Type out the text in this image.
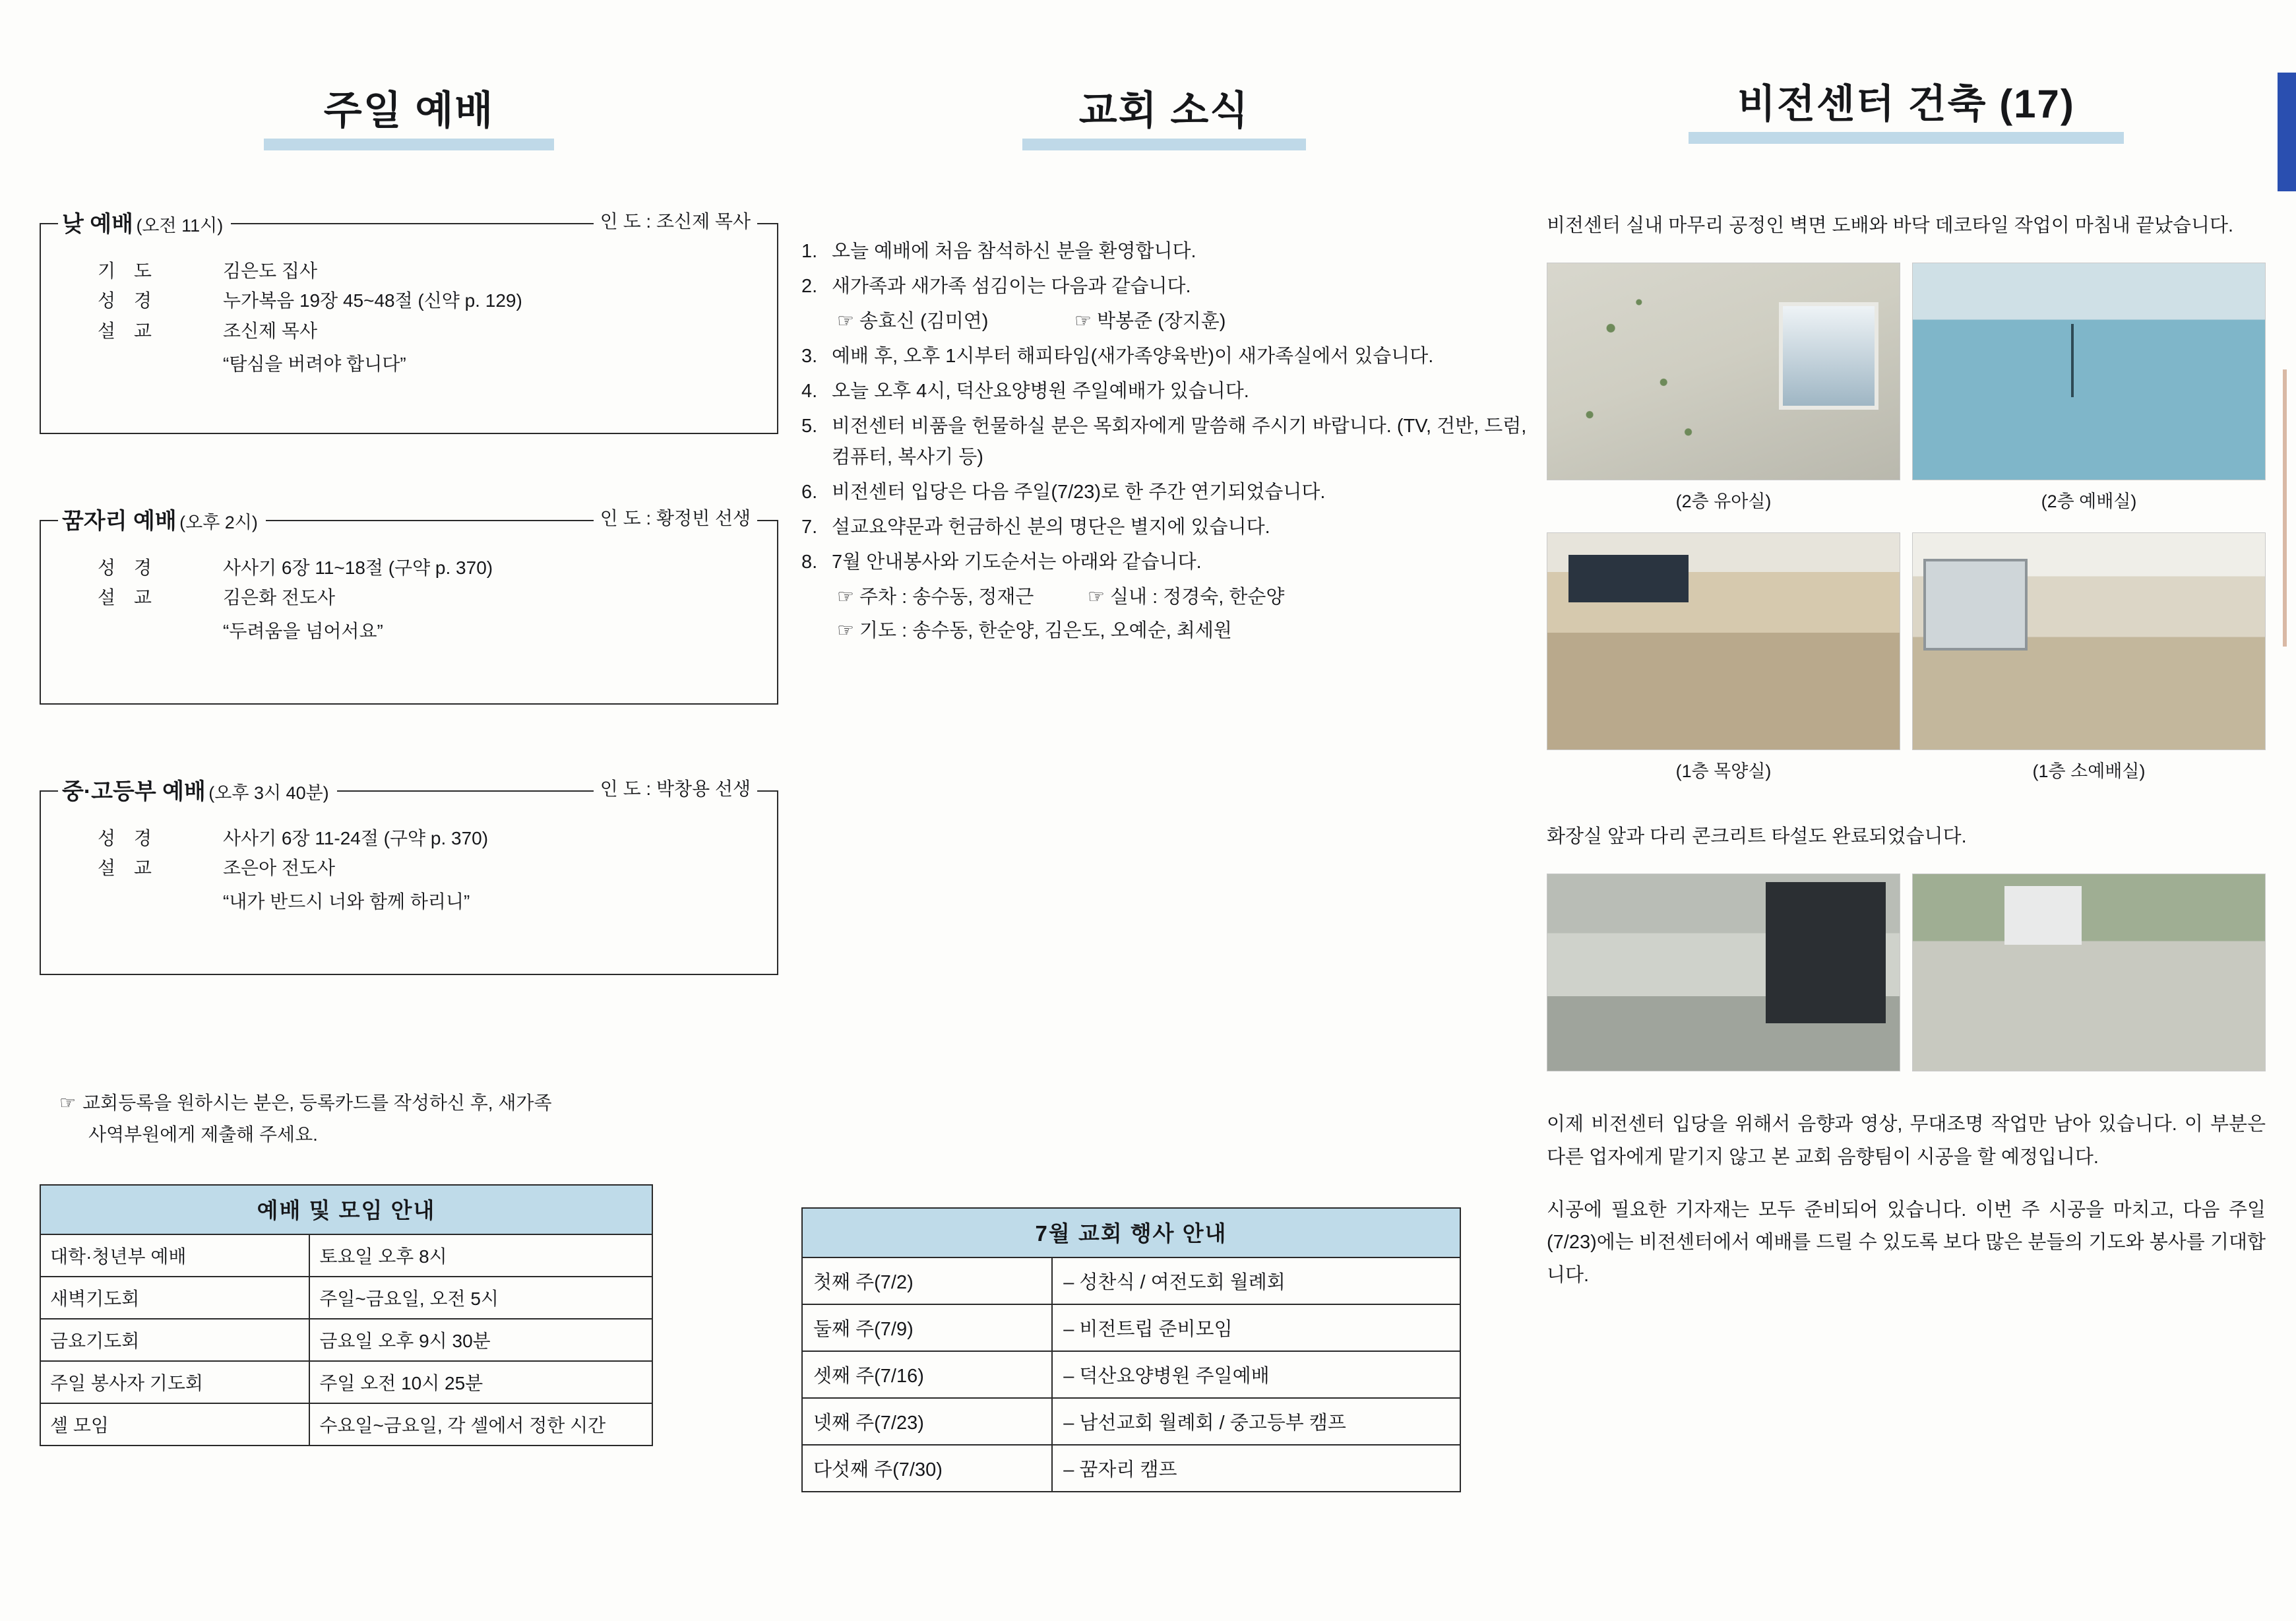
주일 예배
낮 예배 (오전 11시)	인 도 : 조신제 목사
기 도	김은도 집사
성 경	누가복음 19장 45~48절 (신약 p. 129)
설 교	조신제 목사
“탐심을 버려야 합니다”
꿈자리 예배 (오후 2시)	인 도 : 황정빈 선생
성 경	사사기 6장 11~18절 (구약 p. 370)
설 교	김은화 전도사
“두려움을 넘어서요”
중·고등부 예배 (오후 3시 40분)	인 도 : 박창용 선생
성 경	사사기 6장 11-24절 (구약 p. 370)
설 교	조은아 전도사
“내가 반드시 너와 함께 하리니”
☞ 교회등록을 원하시는 분은, 등록카드를 작성하신 후, 새가족
사역부원에게 제출해 주세요.
예배 및 모임 안내
대학·청년부 예배	토요일 오후 8시
새벽기도회	주일~금요일, 오전 5시
금요기도회	금요일 오후 9시 30분
주일 봉사자 기도회	주일 오전 10시 25분
셀 모임	수요일~금요일, 각 셀에서 정한 시간
교회 소식
1. 오늘 예배에 처음 참석하신 분을 환영합니다.
2. 새가족과 새가족 섬김이는 다음과 같습니다.
☞ 송효신 (김미연)	☞ 박봉준 (장지훈)
3. 예배 후, 오후 1시부터 해피타임(새가족양육반)이 새가족실에서 있습니다.
4. 오늘 오후 4시, 덕산요양병원 주일예배가 있습니다.
5. 비전센터 비품을 헌물하실 분은 목회자에게 말씀해 주시기 바랍니다. (TV, 건반, 드럼, 컴퓨터, 복사기 등)
6. 비전센터 입당은 다음 주일(7/23)로 한 주간 연기되었습니다.
7. 설교요약문과 헌금하신 분의 명단은 별지에 있습니다.
8. 7월 안내봉사와 기도순서는 아래와 같습니다.
☞ 주차 : 송수동, 정재근	☞ 실내 : 정경숙, 한순양
☞ 기도 : 송수동, 한순양, 김은도, 오예순, 최세원
7월 교회 행사 안내
첫째 주(7/2)	– 성찬식 / 여전도회 월례회
둘째 주(7/9)	– 비전트립 준비모임
셋째 주(7/16)	– 덕산요양병원 주일예배
넷째 주(7/23)	– 남선교회 월례회 / 중고등부 캠프
다섯째 주(7/30)	– 꿈자리 캠프
비전센터 건축 (17)

비전센터 실내 마무리 공정인 벽면 도배와 바닥 데코타일 작업이 마침내 끝났습니다.

(2층 유아실)	(2층 예배실)
(1층 목양실)	(1층 소예배실)

화장실 앞과 다리 콘크리트 타설도 완료되었습니다.

이제 비전센터 입당을 위해서 음향과 영상, 무대조명 작업만 남아 있습니다. 이 부분은 다른 업자에게 맡기지 않고 본 교회 음향팀이 시공을 할 예정입니다.

시공에 필요한 기자재는 모두 준비되어 있습니다. 이번 주 시공을 마치고, 다음 주일(7/23)에는 비전센터에서 예배를 드릴 수 있도록 보다 많은 분들의 기도와 봉사를 기대합니다.
